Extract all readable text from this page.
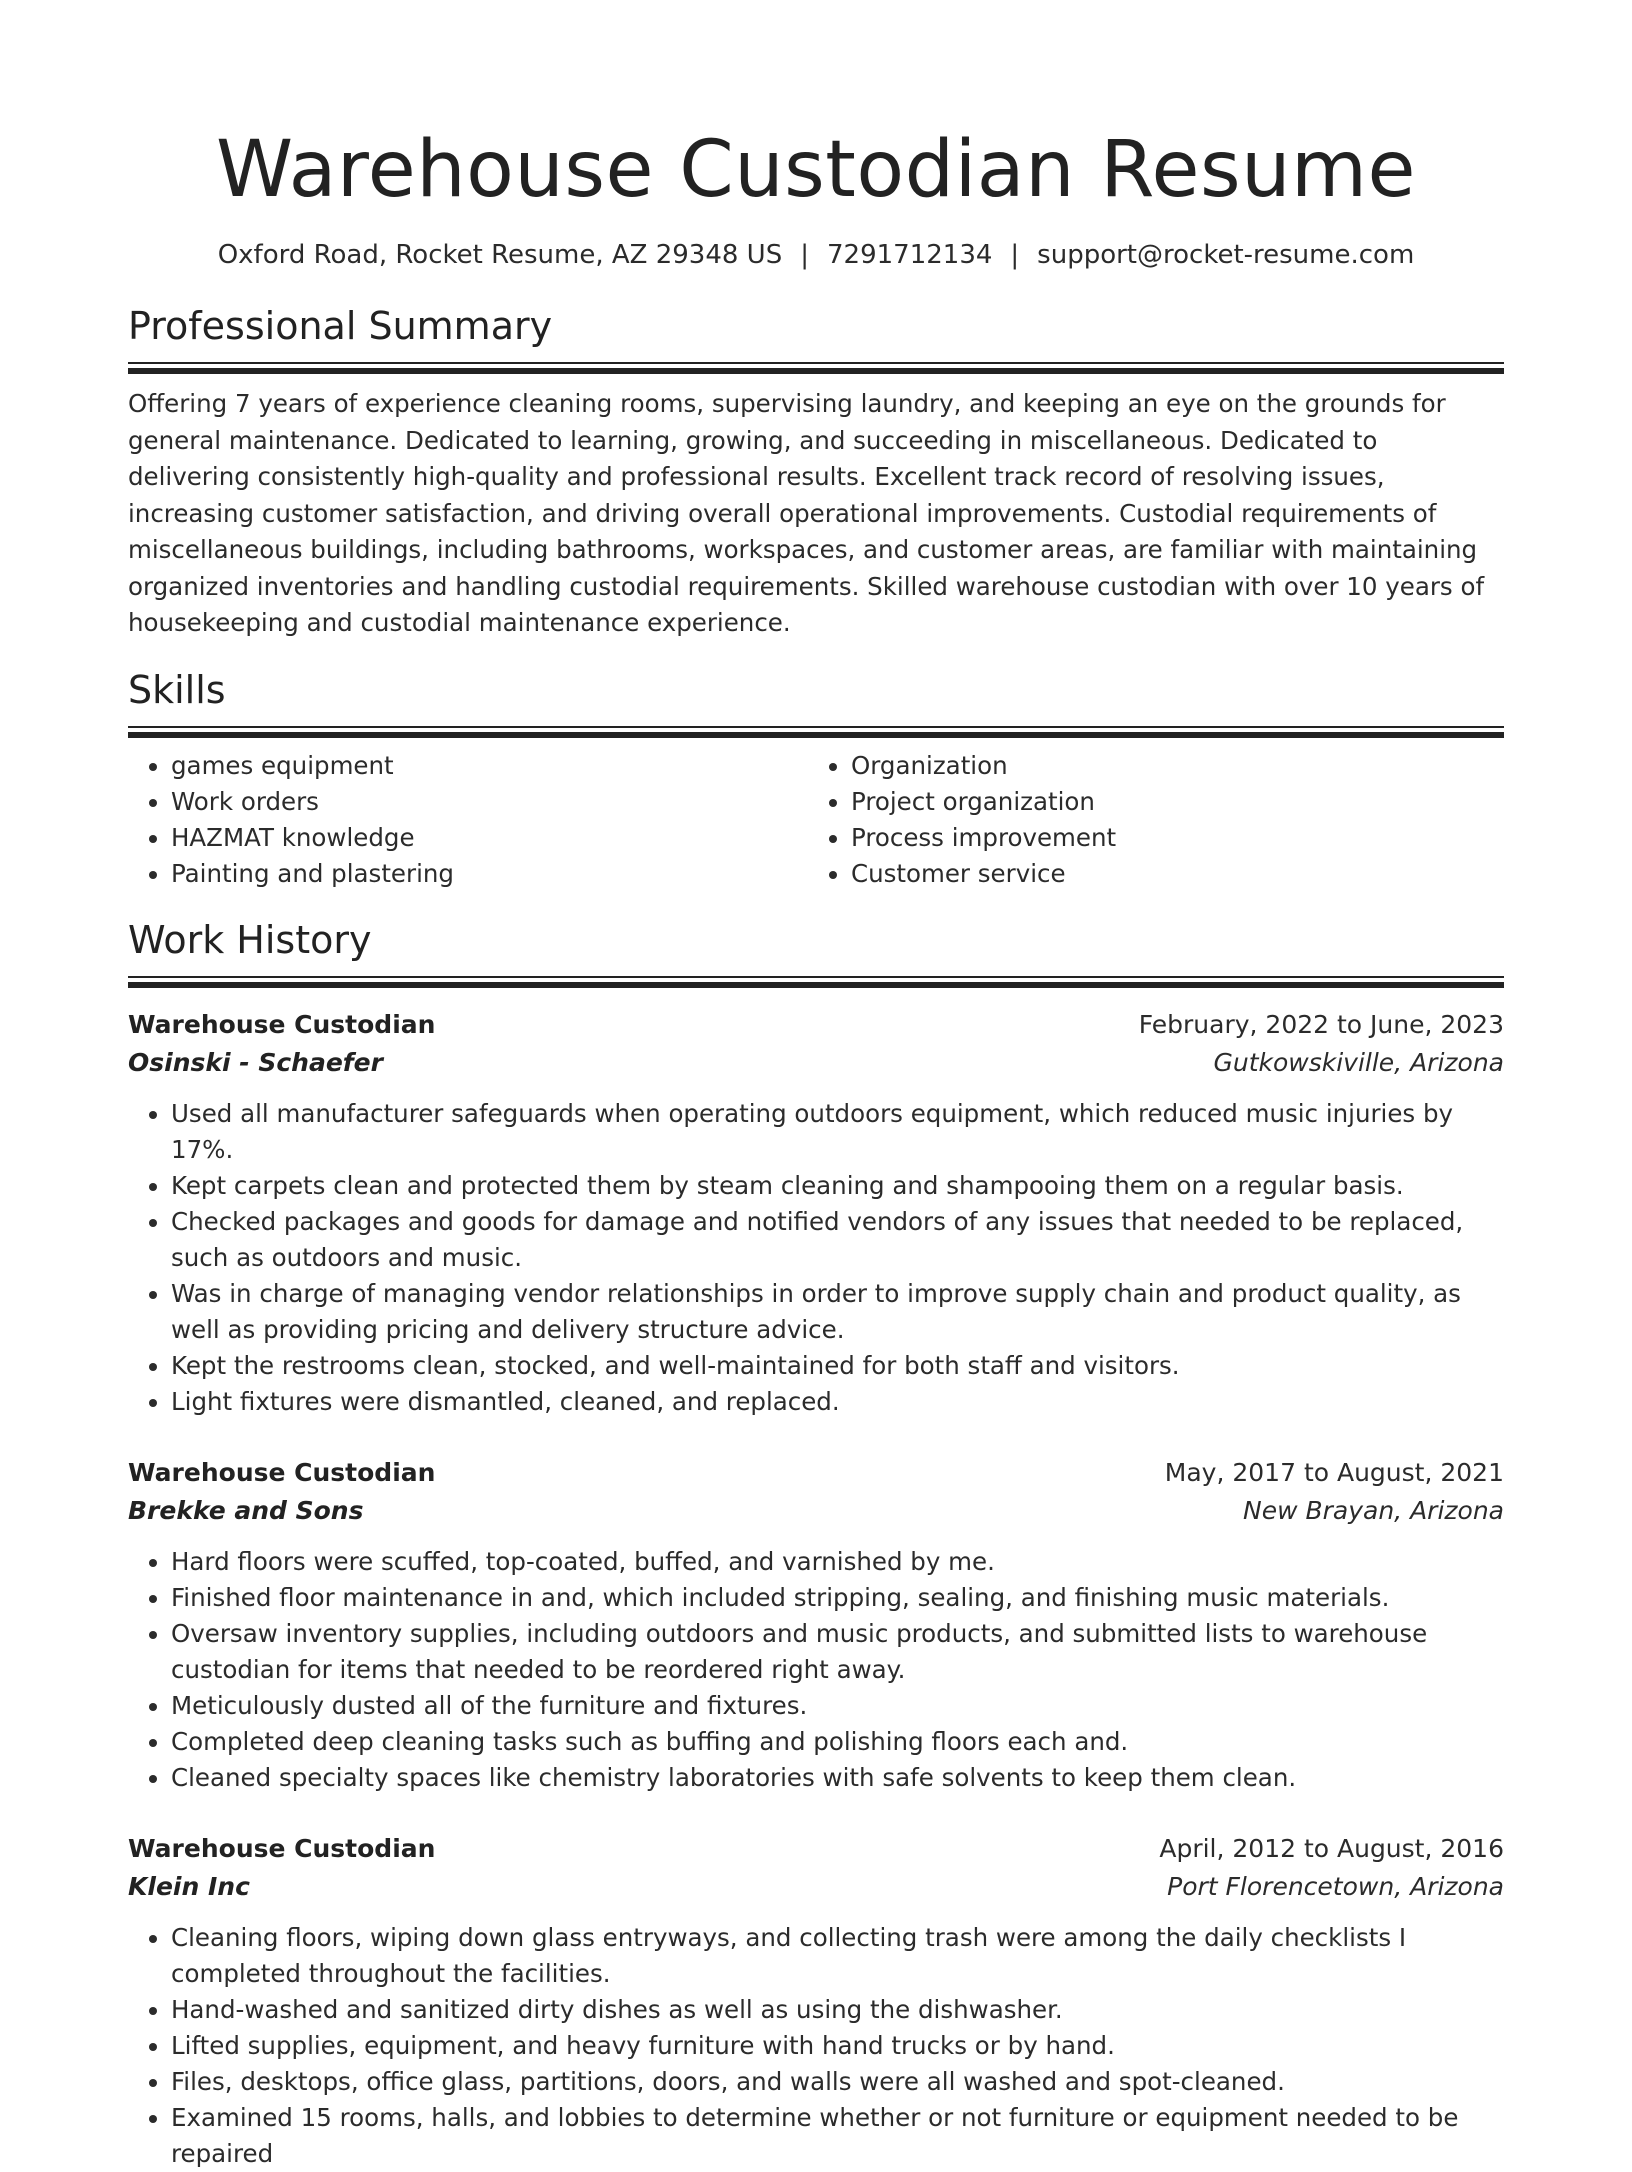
Warehouse Custodian Resume
Oxford Road, Rocket Resume, AZ 29348 US | 7291712134 | support@rocket-resume.com
Professional Summary

Offering 7 years of experience cleaning rooms, supervising laundry, and keeping an eye on the grounds for general maintenance. Dedicated to learning, growing, and succeeding in miscellaneous. Dedicated to delivering consistently high-quality and professional results. Excellent track record of resolving issues, increasing customer satisfaction, and driving overall operational improvements. Custodial requirements of miscellaneous buildings, including bathrooms, workspaces, and customer areas, are familiar with maintaining organized inventories and handling custodial requirements. Skilled warehouse custodian with over 10 years of housekeeping and custodial maintenance experience.

Skills
• games equipment
• Work orders
• HAZMAT knowledge
• Painting and plastering
• Organization
• Project organization
• Process improvement
• Customer service
Work History
Warehouse Custodian	February, 2022 to June, 2023
Osinski - Schaefer	Gutkowskiville, Arizona
• Used all manufacturer safeguards when operating outdoors equipment, which reduced music injuries by 17%.
• Kept carpets clean and protected them by steam cleaning and shampooing them on a regular basis.
• Checked packages and goods for damage and notified vendors of any issues that needed to be replaced, such as outdoors and music.
• Was in charge of managing vendor relationships in order to improve supply chain and product quality, as well as providing pricing and delivery structure advice.
• Kept the restrooms clean, stocked, and well-maintained for both staff and visitors.
• Light fixtures were dismantled, cleaned, and replaced.
Warehouse Custodian	May, 2017 to August, 2021
Brekke and Sons	New Brayan, Arizona
• Hard floors were scuffed, top-coated, buffed, and varnished by me.
• Finished floor maintenance in and, which included stripping, sealing, and finishing music materials.
• Oversaw inventory supplies, including outdoors and music products, and submitted lists to warehouse custodian for items that needed to be reordered right away.
• Meticulously dusted all of the furniture and fixtures.
• Completed deep cleaning tasks such as buffing and polishing floors each and.
• Cleaned specialty spaces like chemistry laboratories with safe solvents to keep them clean.
Warehouse Custodian	April, 2012 to August, 2016
Klein Inc	Port Florencetown, Arizona
• Cleaning floors, wiping down glass entryways, and collecting trash were among the daily checklists I completed throughout the facilities.
• Hand-washed and sanitized dirty dishes as well as using the dishwasher.
• Lifted supplies, equipment, and heavy furniture with hand trucks or by hand.
• Files, desktops, office glass, partitions, doors, and walls were all washed and spot-cleaned.
• Examined 15 rooms, halls, and lobbies to determine whether or not furniture or equipment needed to be repaired
